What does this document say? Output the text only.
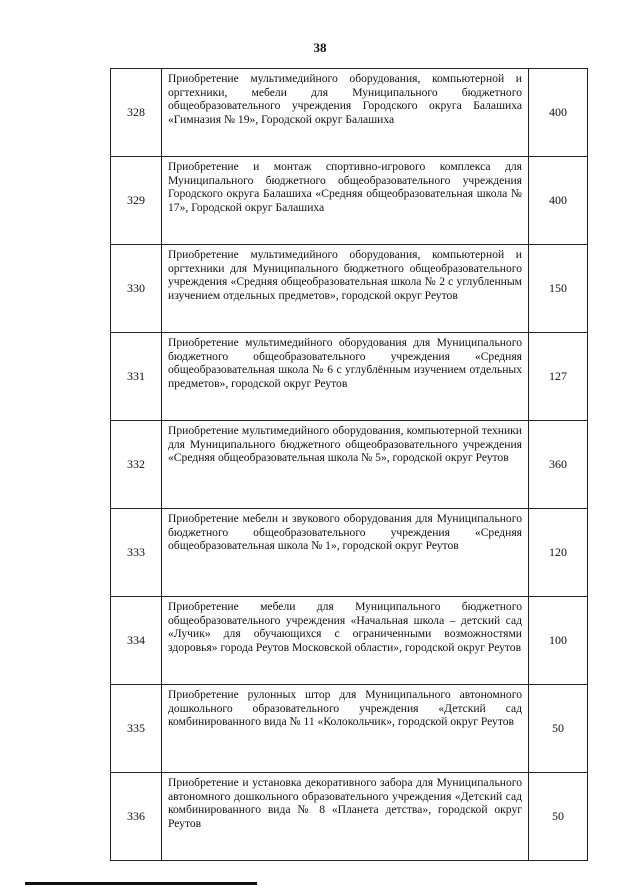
38
328	Приобретение мультимедийного оборудования, компьютерной и оргтехники, мебели для Муниципального бюджетного общеобразовательного учреждения Городского округа Балашиха «Гимназия № 19», Городской округ Балашиха	400
329	Приобретение и монтаж спортивно-игрового комплекса для Муниципального бюджетного общеобразовательного учреждения Городского округа Балашиха «Средняя общеобразовательная школа № 17», Городской округ Балашиха	400
330	Приобретение мультимедийного оборудования, компьютерной и оргтехники для Муниципального бюджетного общеобразовательного учреждения «Средняя общеобразовательная школа № 2 с углубленным изучением отдельных предметов», городской округ Реутов	150
331	Приобретение мультимедийного оборудования для Муниципального бюджетного общеобразовательного учреждения «Средняя общеобразовательная школа № 6 с углублённым изучением отдельных предметов», городской округ Реутов	127
332	Приобретение мультимедийного оборудования, компьютерной техники для Муниципального бюджетного общеобразовательного учреждения «Средняя общеобразовательная школа № 5», городской округ Реутов	360
333	Приобретение мебели и звукового оборудования для Муниципального бюджетного общеобразовательного учреждения «Средняя общеобразовательная школа № 1», городской округ Реутов	120
334	Приобретение мебели для Муниципального бюджетного общеобразовательного учреждения «Начальная школа – детский сад «Лучик» для обучающихся с ограниченными возможностями здоровья» города Реутов Московской области», городской округ Реутов	100
335	Приобретение рулонных штор для Муниципального автономного дошкольного образовательного учреждения «Детский сад комбинированного вида № 11 «Колокольчик», городской округ Реутов	50
336	Приобретение и установка декоративного забора для Муниципального автономного дошкольного образовательного учреждения «Детский сад комбинированного вида № 8 «Планета детства», городской округ Реутов	50
